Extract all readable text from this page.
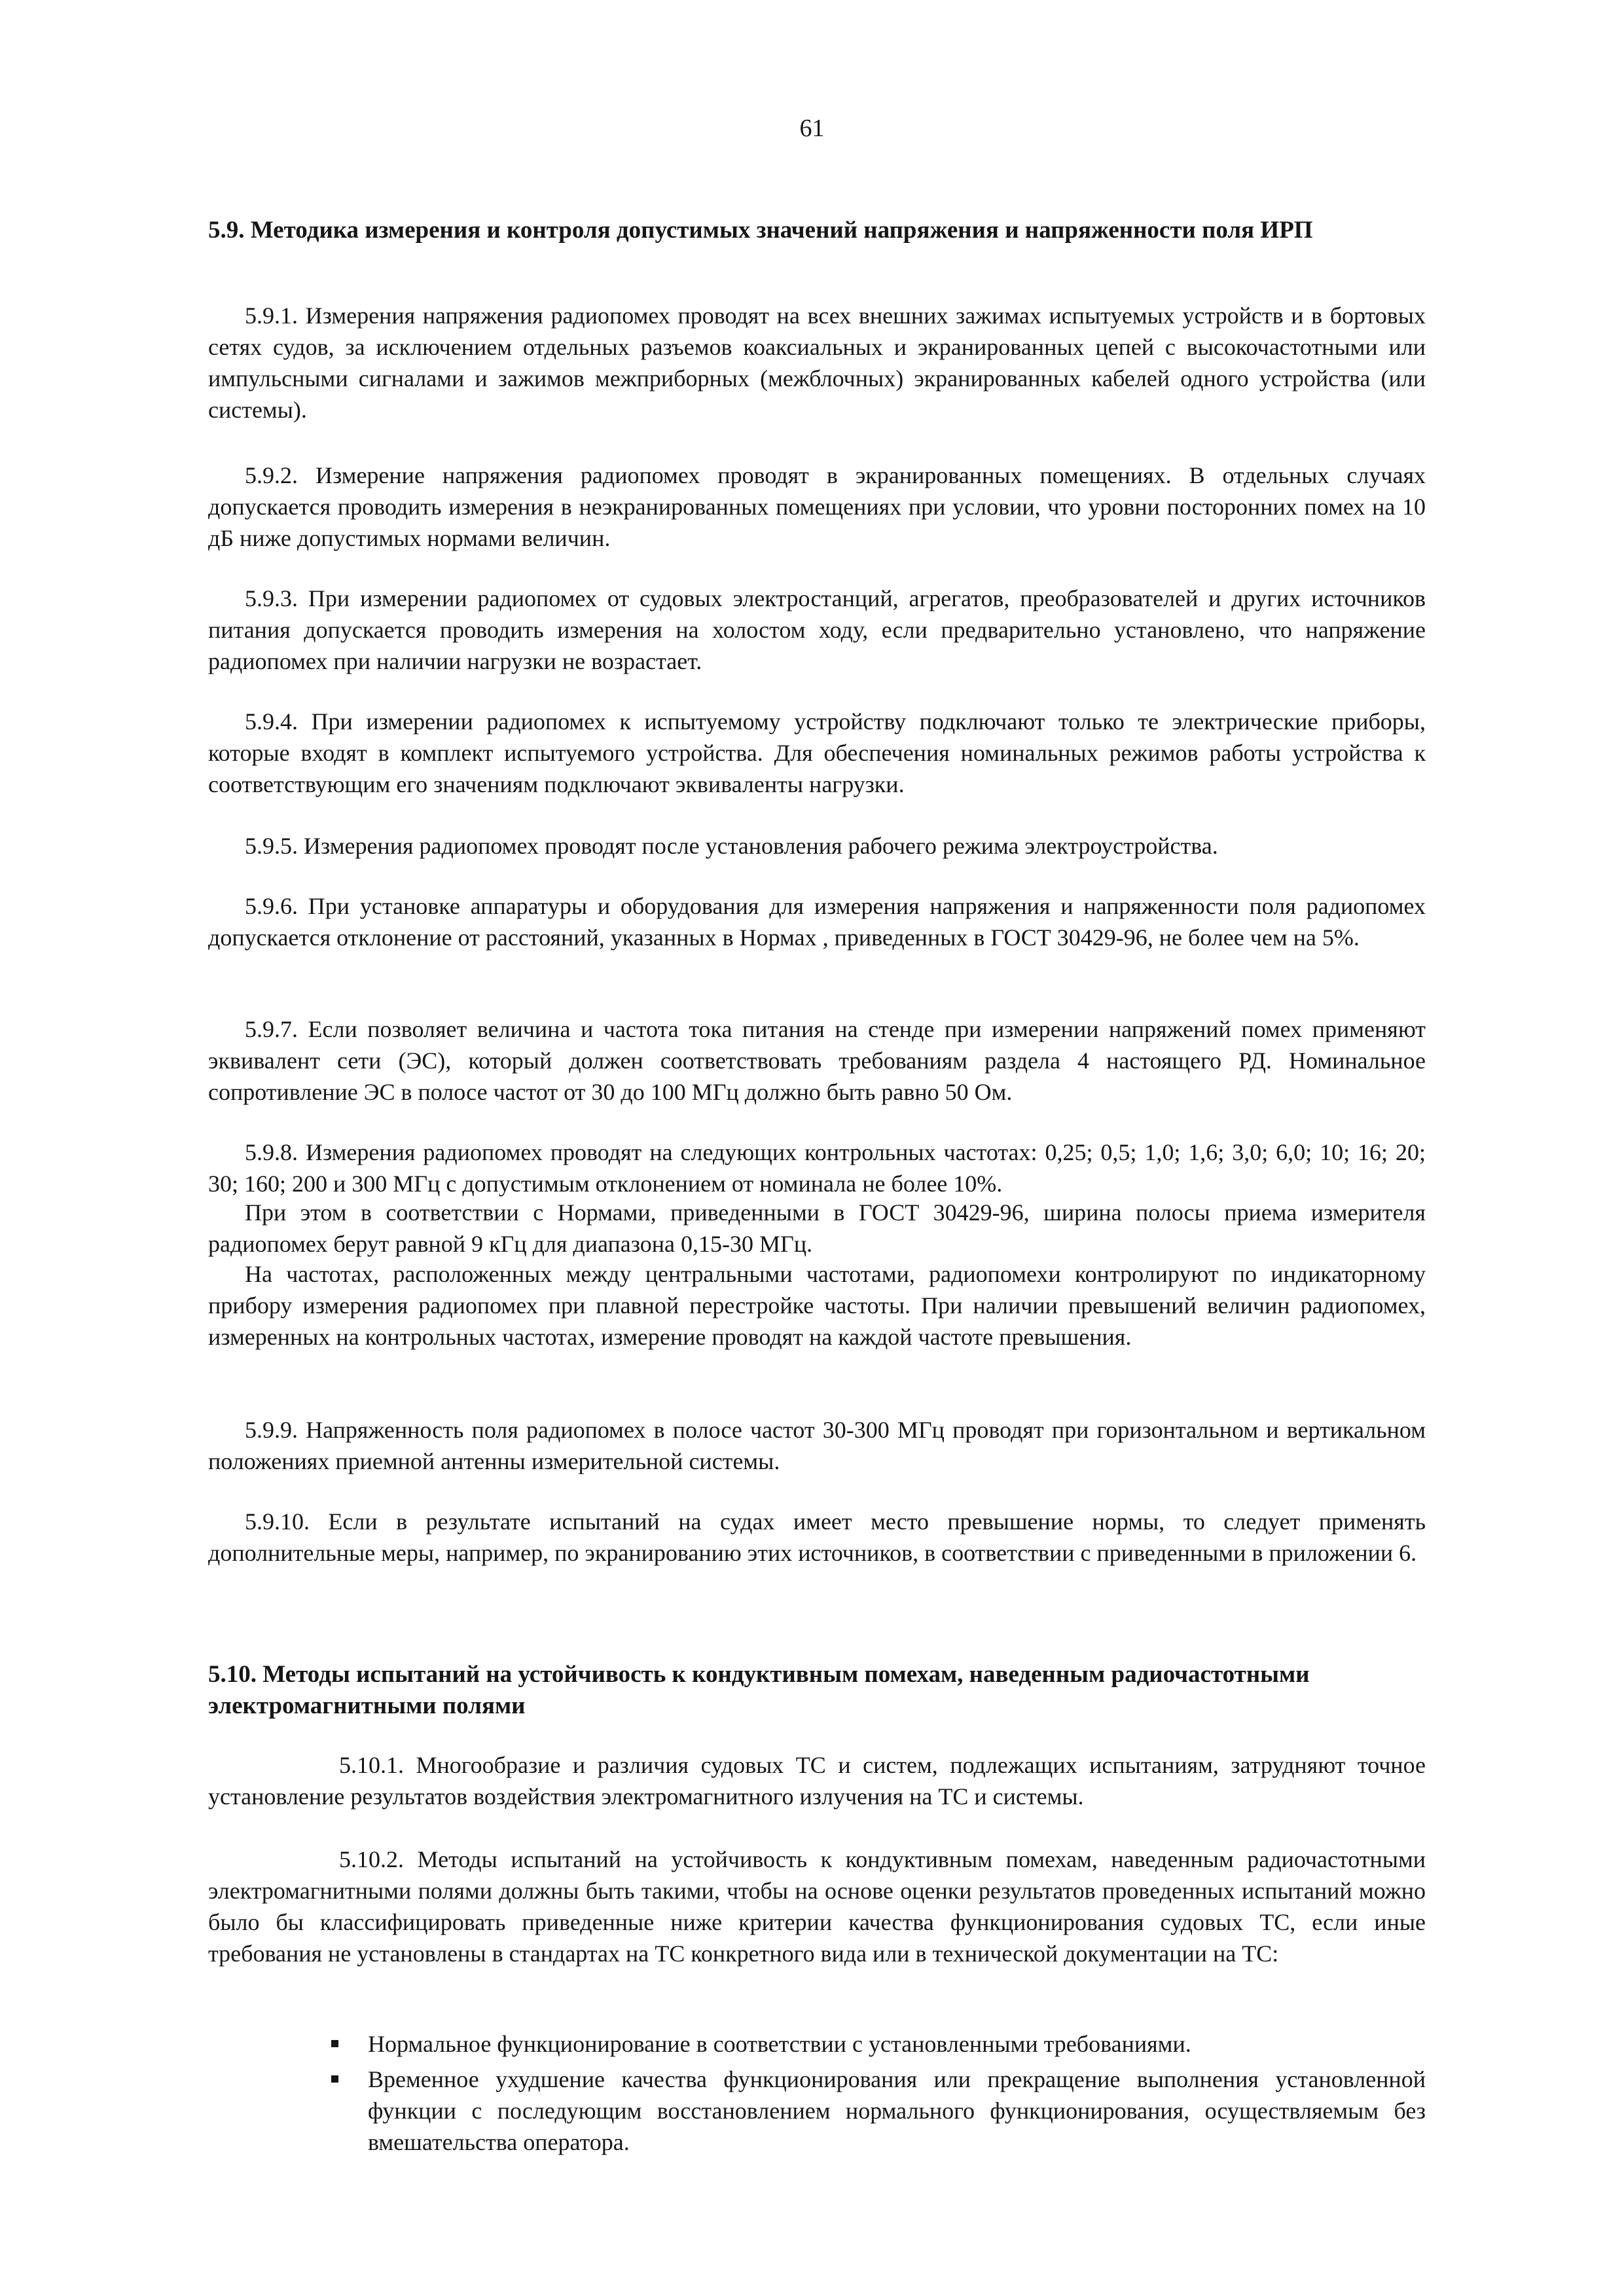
61
5.9. Методика измерения и контроля допустимых значений напряжения и напряженности поля ИРП

5.9.1. Измерения напряжения радиопомех проводят на всех внешних зажимах испытуемых устройств и в бортовых сетях судов, за исключением отдельных разъемов коаксиальных и экранированных цепей с высокочастотными или импульсными сигналами и зажимов межприборных (межблочных) экранированных кабелей одного устройства (или системы).

5.9.2. Измерение напряжения радиопомех проводят в экранированных помещениях. В отдельных случаях допускается проводить измерения в неэкранированных помещениях при условии, что уровни посторонних помех на 10 дБ ниже допустимых нормами величин.

5.9.3. При измерении радиопомех от судовых электростанций, агрегатов, преобразователей и других источников питания допускается проводить измерения на холостом ходу, если предварительно установлено, что напряжение радиопомех при наличии нагрузки не возрастает.

5.9.4. При измерении радиопомех к испытуемому устройству подключают только те электрические приборы, которые входят в комплект испытуемого устройства. Для обеспечения номинальных режимов работы устройства к соответствующим его значениям подключают эквиваленты нагрузки.

5.9.5. Измерения радиопомех проводят после установления рабочего режима электроустройства.

5.9.6. При установке аппаратуры и оборудования для измерения напряжения и напряженности поля радиопомех допускается отклонение от расстояний, указанных в Нормах , приведенных в ГОСТ 30429-96, не более чем на 5%.

5.9.7. Если позволяет величина и частота тока питания на стенде при измерении напряжений помех применяют эквивалент сети (ЭС), который должен соответствовать требованиям раздела 4 настоящего РД. Номинальное сопротивление ЭС в полосе частот от 30 до 100 МГц должно быть равно 50 Ом.

5.9.8. Измерения радиопомех проводят на следующих контрольных частотах: 0,25; 0,5; 1,0; 1,6; 3,0; 6,0; 10; 16; 20; 30; 160; 200 и 300 МГц с допустимым отклонением от номинала не более 10%.

При этом в соответствии с Нормами, приведенными в ГОСТ 30429-96, ширина полосы приема измерителя радиопомех берут равной 9 кГц для диапазона 0,15-30 МГц.

На частотах, расположенных между центральными частотами, радиопомехи контролируют по индикаторному прибору измерения радиопомех при плавной перестройке частоты. При наличии превышений величин радиопомех, измеренных на контрольных частотах, измерение проводят на каждой частоте превышения.

5.9.9. Напряженность поля радиопомех в полосе частот 30-300 МГц проводят при горизонтальном и вертикальном положениях приемной антенны измерительной системы.

5.9.10. Если в результате испытаний на судах имеет место превышение нормы, то следует применять дополнительные меры, например, по экранированию этих источников, в соответствии с приведенными в приложении 6.

5.10. Методы испытаний на устойчивость к кондуктивным помехам, наведенным радиочастотными электромагнитными полями

5.10.1. Многообразие и различия судовых ТС и систем, подлежащих испытаниям, затрудняют точное установление результатов воздействия электромагнитного излучения на ТС и системы.

5.10.2. Методы испытаний на устойчивость к кондуктивным помехам, наведенным радиочастотными электромагнитными полями должны быть такими, чтобы на основе оценки результатов проведенных испытаний можно было бы классифицировать приведенные ниже критерии качества функционирования судовых ТС, если иные требования не установлены в стандартах на ТС конкретного вида или в технической документации на ТС:

Нормальное функционирование в соответствии с установленными требованиями.
Временное ухудшение качества функционирования или прекращение выполнения установленной функции с последующим восстановлением нормального функционирования, осуществляемым без вмешательства оператора.
